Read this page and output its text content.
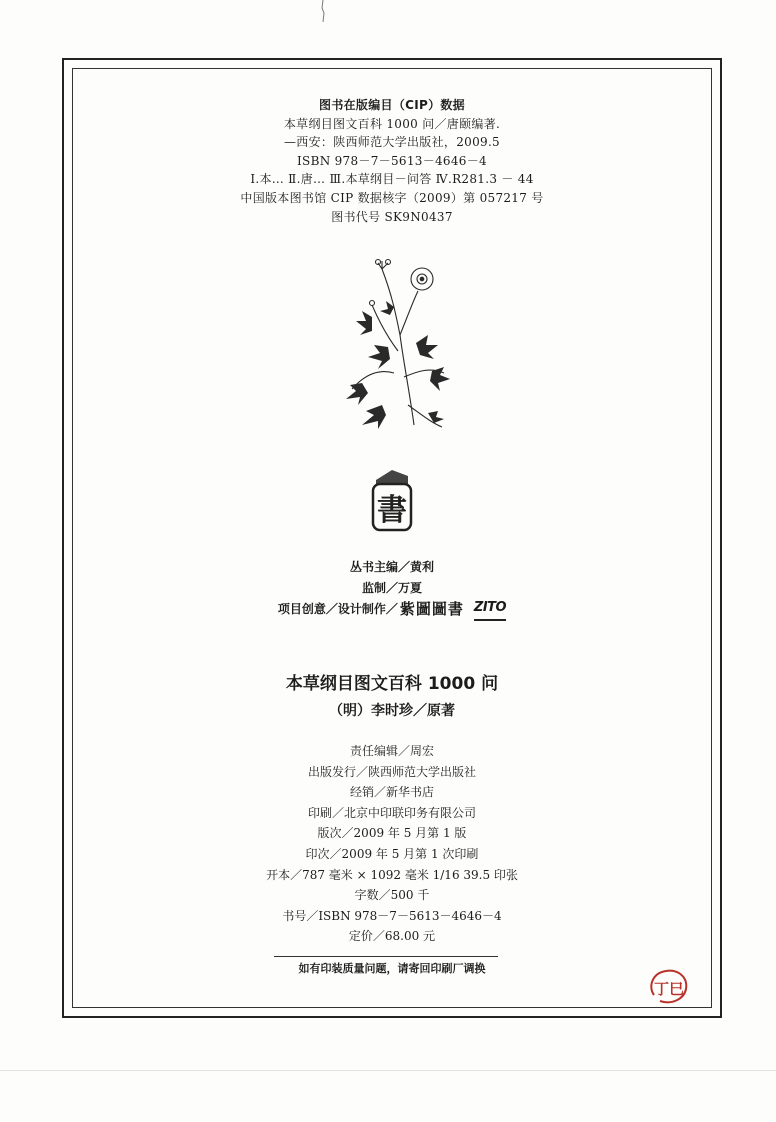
图书在版编目（CIP）数据
本草纲目图文百科 1000 问／唐颐编著.
—西安：陕西师范大学出版社，2009.5
ISBN 978－7－5613－4646－4
Ⅰ.本… Ⅱ.唐… Ⅲ.本草纲目－问答 Ⅳ.R281.3 － 44
中国版本图书馆 CIP 数据核字（2009）第 057217 号
图书代号 SK9N0437
書
丛书主编／黄利
监制／万夏
项目创意／设计制作／ 紫圖圖書 ZITO
本草纲目图文百科 1000 问
（明）李时珍／原著
责任编辑／周宏
出版发行／陕西师范大学出版社
经销／新华书店
印刷／北京中印联印务有限公司
版次／2009 年 5 月第 1 版
印次／2009 年 5 月第 1 次印刷
开本／787 毫米 × 1092 毫米 1/16 39.5 印张
字数／500 千
书号／ISBN 978－7－5613－4646－4
定价／68.00 元
如有印装质量问题，请寄回印刷厂调换
丁巳
